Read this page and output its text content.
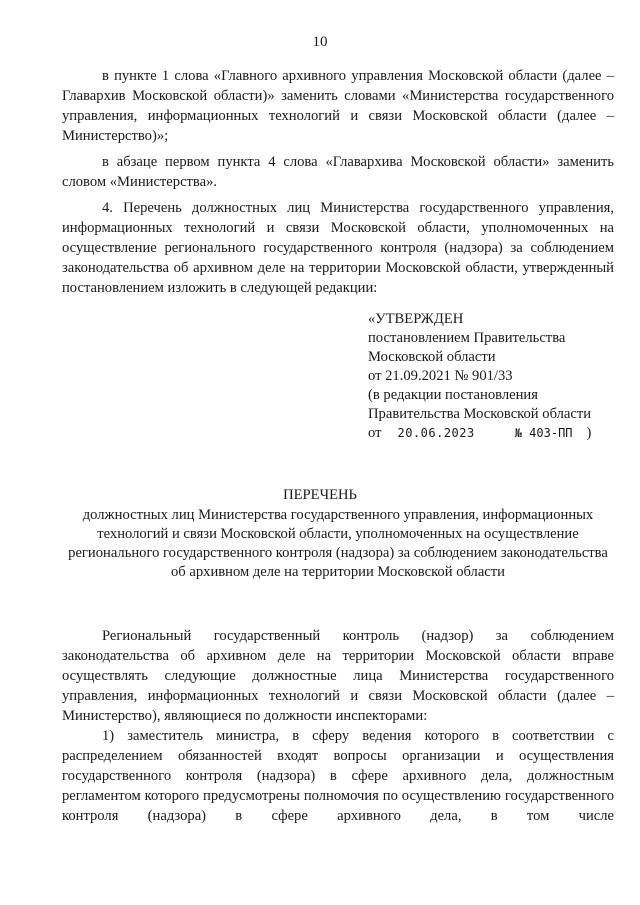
10

в пункте 1 слова «Главного архивного управления Московской области (далее – Главархив Московской области)» заменить словами «Министерства государственного управления, информационных технологий и связи Московской области (далее – Министерство)»;

в абзаце первом пункта 4 слова «Главархива Московской области» заменить словом «Министерства».

4. Перечень должностных лиц Министерства государственного управления, информационных технологий и связи Московской области, уполномоченных на осуществление регионального государственного контроля (надзора) за соблюдением законодательства об архивном деле на территории Московской области, утвержденный постановлением изложить в следующей редакции:

«УТВЕРЖДЕН
постановлением Правительства
Московской области
от 21.09.2021 № 901/33
(в редакции постановления
Правительства Московской области
от 20.06.2023	№ 403-ПП )
ПЕРЕЧЕНЬ
должностных лиц Министерства государственного управления, информационных технологий и связи Московской области, уполномоченных на осуществление регионального государственного контроля (надзора) за соблюдением законодательства об архивном деле на территории Московской области

Региональный государственный контроль (надзор) за соблюдением законодательства об архивном деле на территории Московской области вправе осуществлять следующие должностные лица Министерства государственного управления, информационных технологий и связи Московской области (далее – Министерство), являющиеся по должности инспекторами:

1) заместитель министра, в сферу ведения которого в соответствии с распределением обязанностей входят вопросы организации и осуществления государственного контроля (надзора) в сфере архивного дела, должностным регламентом которого предусмотрены полномочия по осуществлению государственного контроля (надзора) в сфере архивного дела, в том числе
